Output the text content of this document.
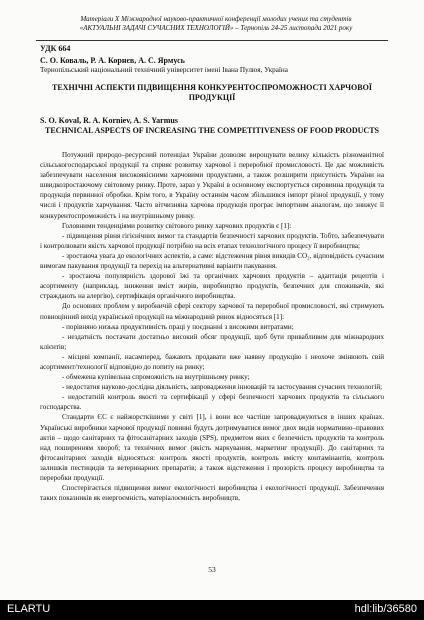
Матеріали Х Міжнародної науково-практичної конференції молодих учених та студентів
«АКТУАЛЬНІ ЗАДАЧІ СУЧАСНИХ ТЕХНОЛОГІЙ» – Тернопіль 24-25 листопада 2021 року
УДК 664
С. О. Коваль, Р. А. Корнєв, А. С. Ярмусь
Тернопільський національний технічний університет імені Івана Пулюя, Україна
ТЕХНІЧНІ АСПЕКТИ ПІДВИЩЕННЯ КОНКУРЕНТОСПРОМОЖНОСТІ ХАРЧОВОЇ ПРОДУКЦІЇ
S. O. Koval, R. A. Korniev, A. S. Yarmus
TECHNICAL ASPECTS OF INCREASING THE COMPETITIVENESS OF FOOD PRODUCTS

Потужний природо–ресурсний потенціал України дозволяє вирощувати велику кількість різноманітної сільськогосподарської продукції та сприяє розвитку харчової і переробної промисловості. Це дає можливість забезпечувати населення високоякісними харчовими продуктами, а також розширити присутність України на швидкозростаючому світовому ринку. Проте, зараз у Україні в основному експортується сировинна продукція та продукція первинної обробки. Крім того, в Україну останнім часом збільшився імпорт різної продукції, у тому числі і продуктів харчування. Часто вітчизняна харчова продукція програє імпортним аналогам, що знижує її конкурентоспроможність і на внутрішньому ринку.

Головними тенденціями розвитку світового ринку харчових продуктів є [1]:

- підвищення рівня гігієнічних вимог та стандартів безпечності харчових продуктів. Тобто, забезпечувати і контролювати якість харчової продукції потрібно на всіх етапах технологічного процесу її виробництва;

- зростаюча увага до екологічних аспектів, а саме: відстеження рівня викидів CO₂, відповідність сучасним вимогам пакування продукції та перехід на альтернативні варіанти пакування.

- зростаюча популярність здорової їжі та органічних харчових продуктів – адаптація рецептів і асортименту (наприклад, зниження вміст жирів, виробництво продуктів, безпечних для споживачів, які страждають на алергію), сертифікація органічного виробництва.

До основних проблем у виробничій сфері сектору харчової та переробної промисловості, які стримують повноцінний вихід української продукції на міжнародний ринок відносяться [1]:

- порівняно низька продуктивність праці у поєднанні з високими витратами;

- нездатність постачати достатньо високий обсяг продукції, щоб бути привабливим для міжнародних клієнтів;

- місцеві компанії, насамперед, бажають продавати вже наявну продукцію і неохоче змінюють свій асортимент/технології відповідно до попиту на ринку;

- обмежена купівельна спроможність на внутрішньому ринку;

- недостатня науково-дослідна діяльність, запровадження інновацій та застосування сучасних технологій;

- недостатній контроль якості та сертифікації у сфері безпечності харчових продуктів та сільського господарства.

Стандарти ЄС є найжорсткішими у світі [1], і вони все частіше запроваджуються в інших країнах. Українські виробники харчової продукції повинні будуть дотримуватися вимог двох видів нормативно–правових актів – щодо санітарних та фітосанітарних заходів (SPS), предметом яких є безпечність продуктів та контроль над поширенням хвороб; та технічних вимог (якість маркування, маркетинг продукції). До санітарних та фітосанітарних заходів відносяться: контроль якості продуктів, контроль вмісту контамінантів, контроль залишків пестицидів та ветеринарних препаратів; а також відстеження і прозорість процесу виробництва та переробки продукції.

Спостерігається підвищення вимог екологічності виробництва і екологічності продукції. Забезпечення таких показників як енергоємність, матеріалоємність виробництв,

53
ELARTU	hdl:lib/36580
